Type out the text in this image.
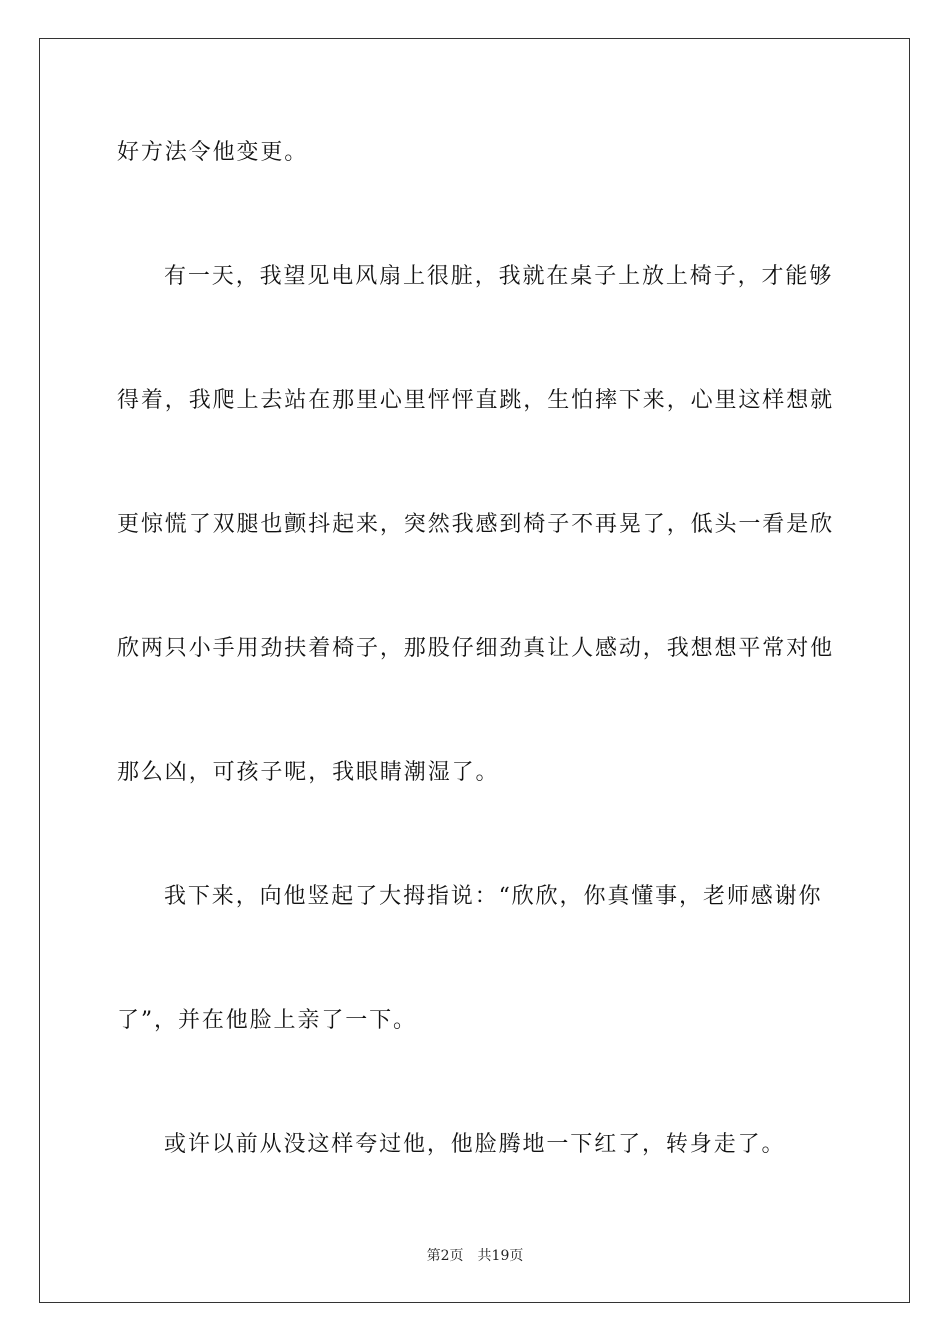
好方法令他变更。
有一天，我望见电风扇上很脏，我就在桌子上放上椅子，才能够
得着，我爬上去站在那里心里怦怦直跳，生怕摔下来，心里这样想就
更惊慌了双腿也颤抖起来，突然我感到椅子不再晃了，低头一看是欣
欣两只小手用劲扶着椅子，那股仔细劲真让人感动，我想想平常对他
那么凶，可孩子呢，我眼睛潮湿了。
我下来，向他竖起了大拇指说：“欣欣，你真懂事，老师感谢你
了”，并在他脸上亲了一下。
或许以前从没这样夸过他，他脸腾地一下红了，转身走了。
第2页 共19页
